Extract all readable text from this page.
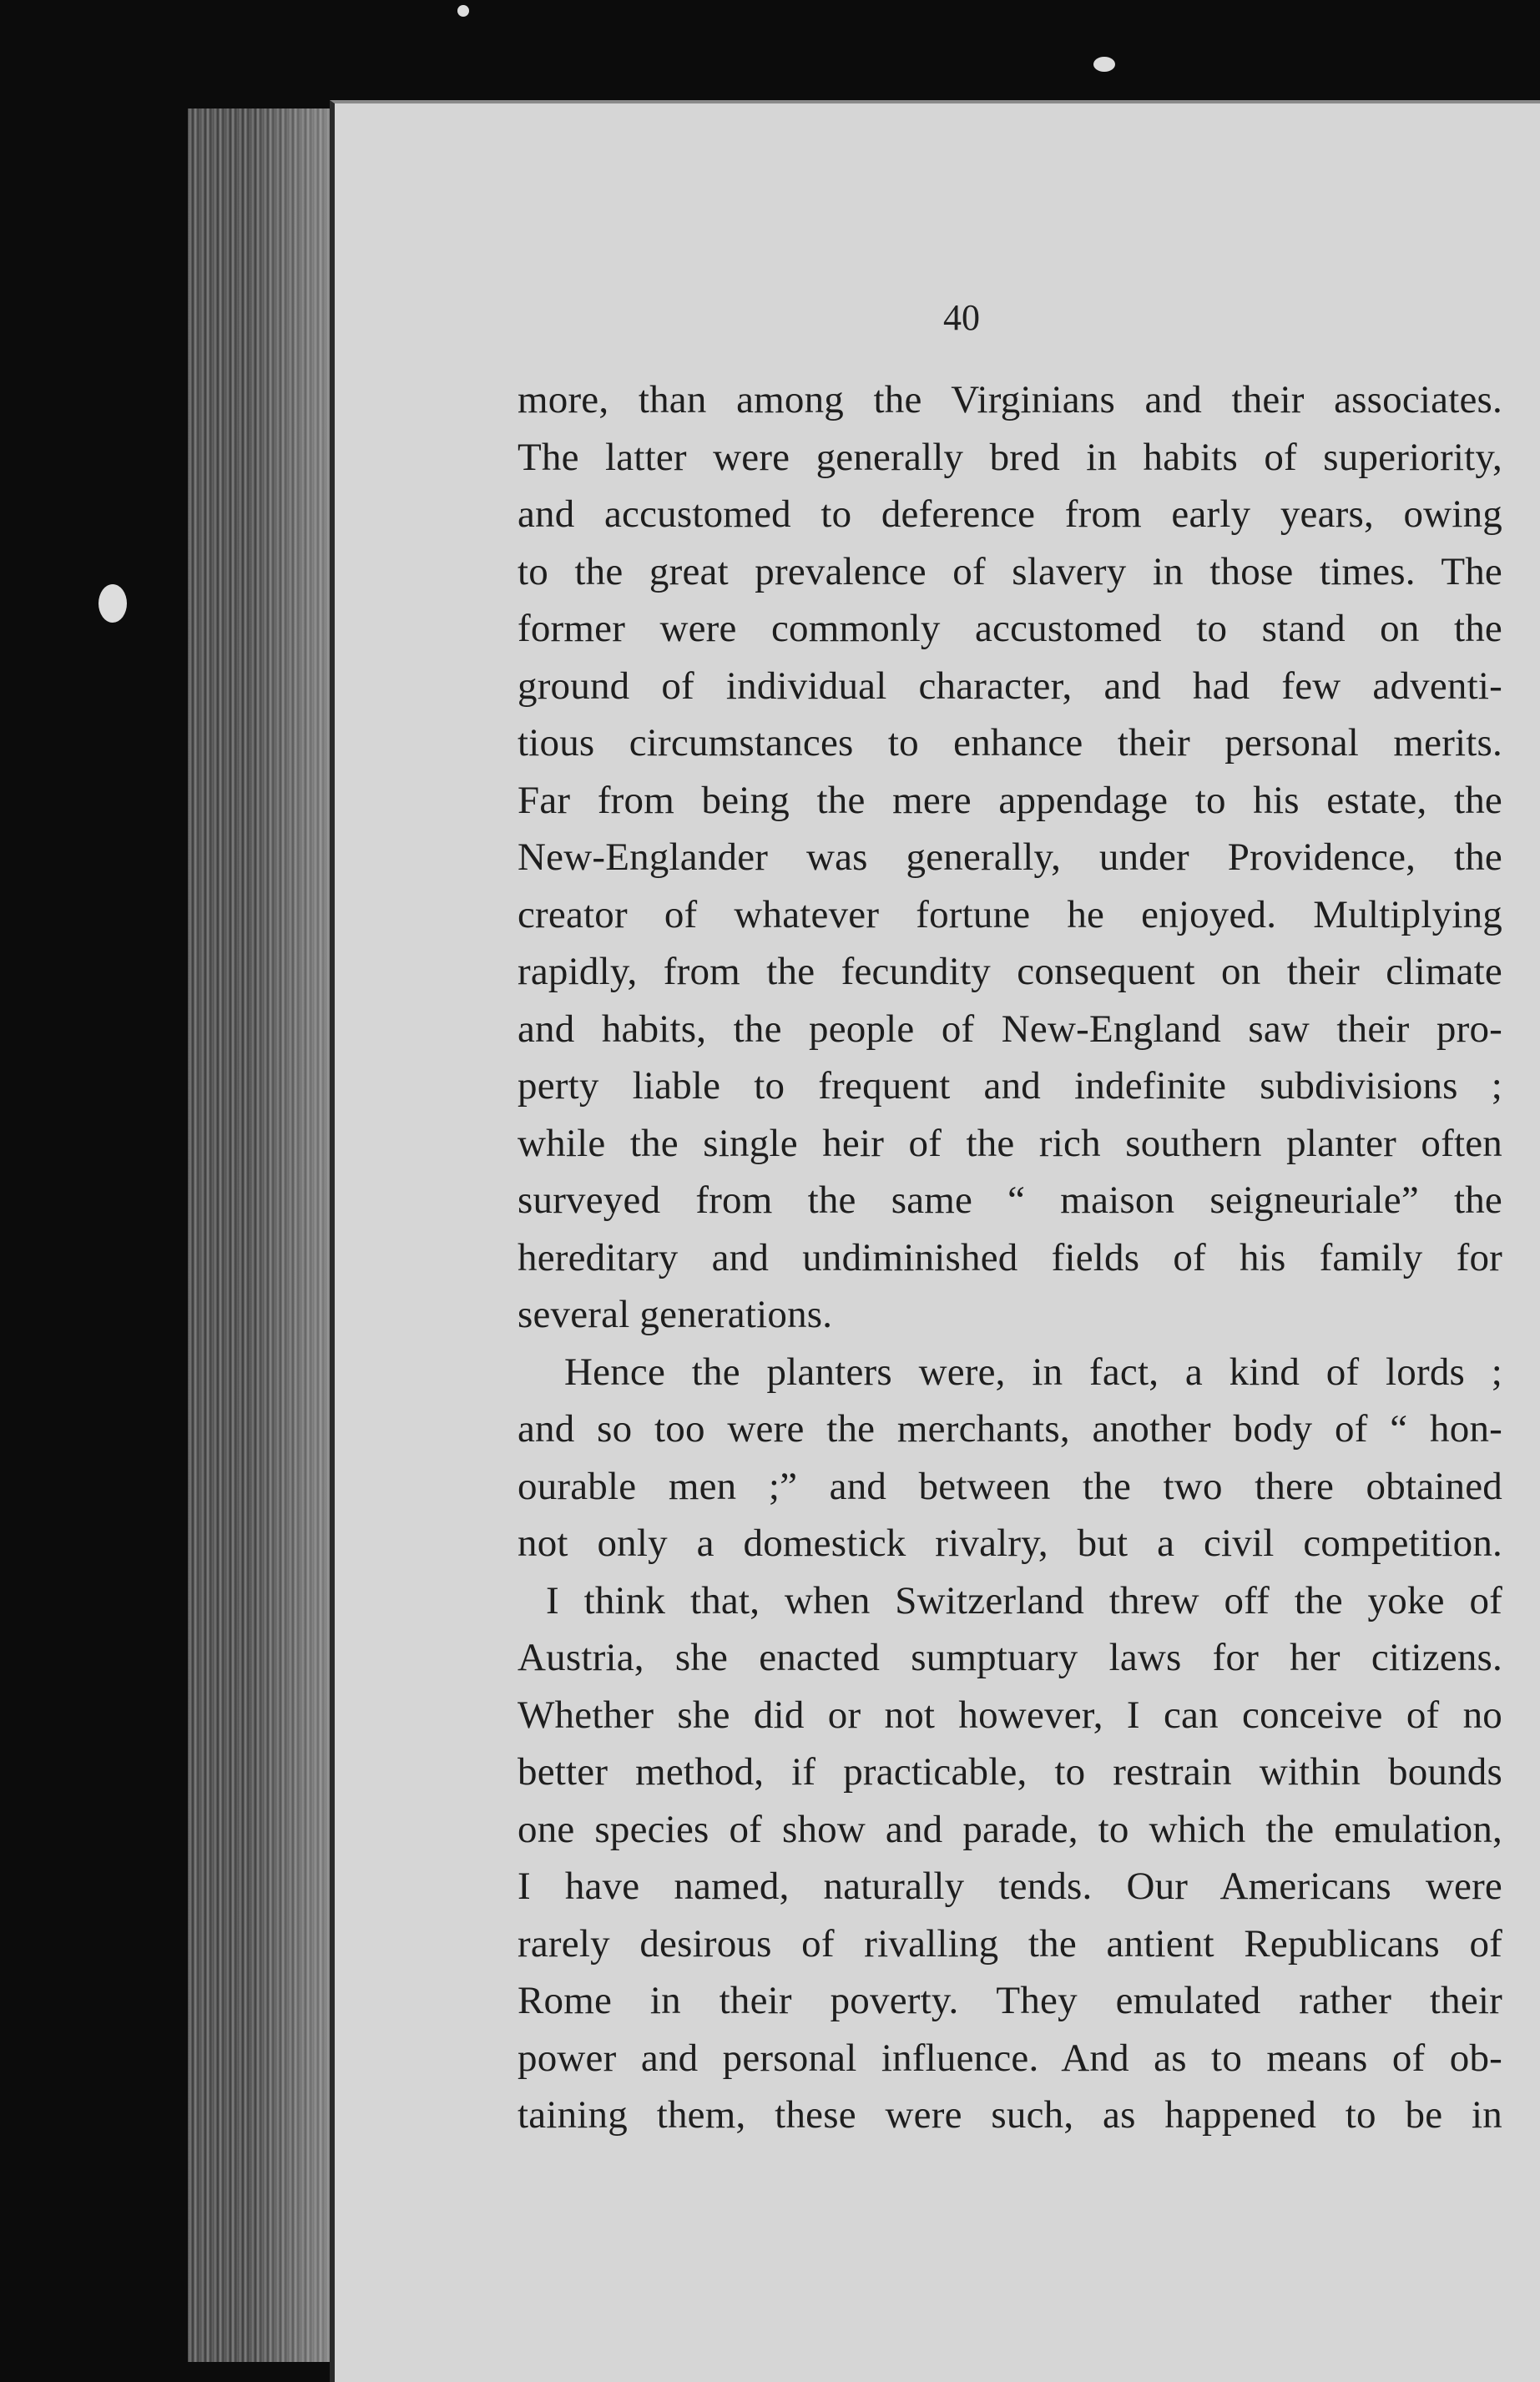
40
more, than among the Virginians and their associates.
The latter were generally bred in habits of superiority,
and accustomed to deference from early years, owing
to the great prevalence of slavery in those times. The
former were commonly accustomed to stand on the
ground of individual character, and had few adventi-
tious circumstances to enhance their personal merits.
Far from being the mere appendage to his estate, the
New-Englander was generally, under Providence, the
creator of whatever fortune he enjoyed. Multiplying
rapidly, from the fecundity consequent on their climate
and habits, the people of New-England saw their pro-
perty liable to frequent and indefinite subdivisions ;
while the single heir of the rich southern planter often
surveyed from the same “ maison seigneuriale” the
hereditary and undiminished fields of his family for
several generations.
Hence the planters were, in fact, a kind of lords ;
and so too were the merchants, another body of “ hon-
ourable men ;” and between the two there obtained
not only a domestick rivalry, but a civil competition.
I think that, when Switzerland threw off the yoke of
Austria, she enacted sumptuary laws for her citizens.
Whether she did or not however, I can conceive of no
better method, if practicable, to restrain within bounds
one species of show and parade, to which the emulation,
I have named, naturally tends. Our Americans were
rarely desirous of rivalling the antient Republicans of
Rome in their poverty. They emulated rather their
power and personal influence. And as to means of ob-
taining them, these were such, as happened to be in
